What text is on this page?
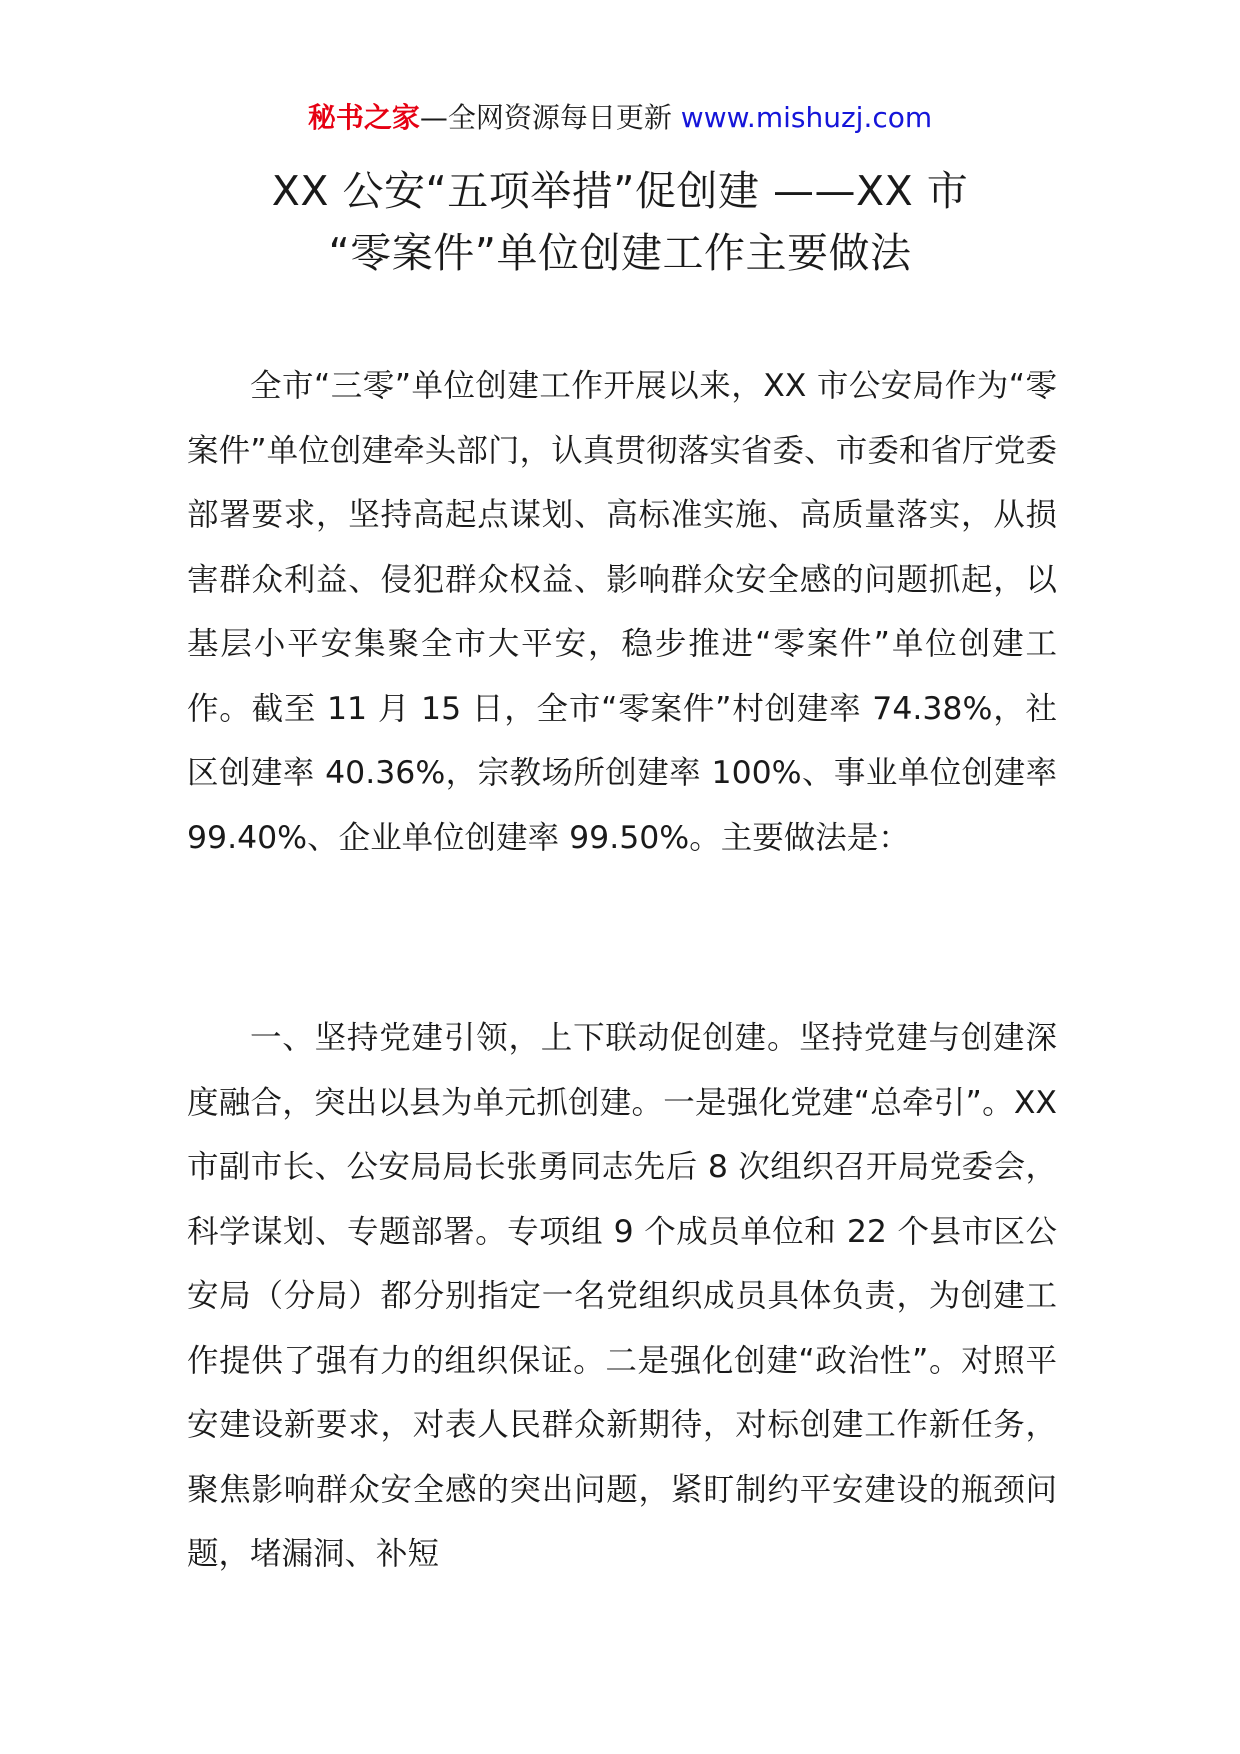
秘书之家—全网资源每日更新 www.mishuzj.com
XX 公安“五项举措”促创建 ——XX 市
“零案件”单位创建工作主要做法

全市“三零”单位创建工作开展以来，XX 市公安局作为“零案件”单位创建牵头部门，认真贯彻落实省委、市委和省厅党委部署要求，坚持高起点谋划、高标准实施、高质量落实，从损害群众利益、侵犯群众权益、影响群众安全感的问题抓起，以基层小平安集聚全市大平安，稳步推进“零案件”单位创建工作。截至 11 月 15 日，全市“零案件”村创建率 74.38%，社区创建率 40.36%，宗教场所创建率 100%、事业单位创建率 99.40%、企业单位创建率 99.50%。主要做法是：

一、坚持党建引领，上下联动促创建。坚持党建与创建深度融合，突出以县为单元抓创建。一是强化党建“总牵引”。XX 市副市长、公安局局长张勇同志先后 8 次组织召开局党委会，科学谋划、专题部署。专项组 9 个成员单位和 22 个县市区公安局（分局）都分别指定一名党组织成员具体负责，为创建工作提供了强有力的组织保证。二是强化创建“政治性”。对照平安建设新要求，对表人民群众新期待，对标创建工作新任务，聚焦影响群众安全感的突出问题，紧盯制约平安建设的瓶颈问题，堵漏洞、补短
